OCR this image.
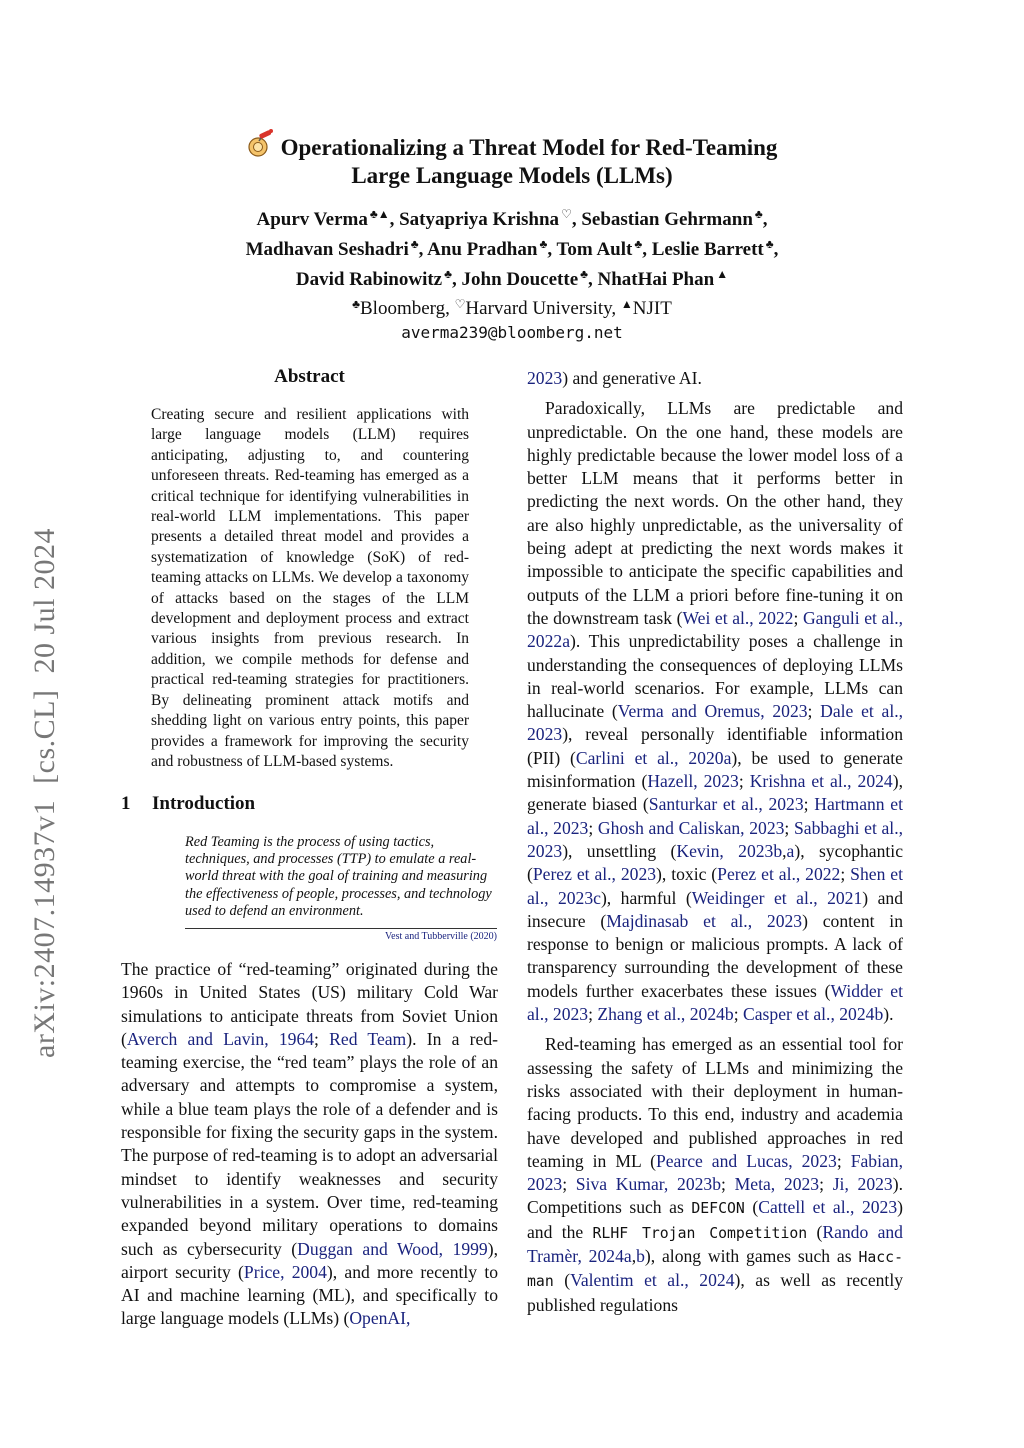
arXiv:2407.14937v1  [cs.CL]  20 Jul 2024
Operationalizing a Threat Model for Red-Teaming
Large Language Models (LLMs)
Apurv Verma ♣▲, Satyapriya Krishna ♡, Sebastian Gehrmann ♣,
Madhavan Seshadri ♣, Anu Pradhan ♣, Tom Ault ♣, Leslie Barrett ♣,
David Rabinowitz ♣, John Doucette ♣, NhatHai Phan ▲
♣Bloomberg, ♡Harvard University, ▲NJIT
averma239@bloomberg.net
Abstract

Creating secure and resilient applications with large language models (LLM) requires anticipating, adjusting to, and countering unforeseen threats. Red-teaming has emerged as a critical technique for identifying vulnerabilities in real-world LLM implementations. This paper presents a detailed threat model and provides a systematization of knowledge (SoK) of red-teaming attacks on LLMs. We develop a taxonomy of attacks based on the stages of the LLM development and deployment process and extract various insights from previous research. In addition, we compile methods for defense and practical red-teaming strategies for practitioners. By delineating prominent attack motifs and shedding light on various entry points, this paper provides a framework for improving the security and robustness of LLM-based systems.

1 Introduction

Red Teaming is the process of using tactics, techniques, and processes (TTP) to emulate a real-world threat with the goal of training and measuring the effectiveness of people, processes, and technology used to defend an environment.

Vest and Tubberville (2020)

The practice of “red-teaming” originated during the 1960s in United States (US) military Cold War simulations to anticipate threats from Soviet Union (Averch and Lavin, 1964; Red Team). In a red-teaming exercise, the “red team” plays the role of an adversary and attempts to compromise a system, while a blue team plays the role of a defender and is responsible for fixing the security gaps in the system. The purpose of red-teaming is to adopt an adversarial mindset to identify weaknesses and security vulnerabilities in a system. Over time, red-teaming expanded beyond military operations to domains such as cybersecurity (Duggan and Wood, 1999), airport security (Price, 2004), and more recently to AI and machine learning (ML), and specifically to large language models (LLMs) (OpenAI,

2023) and generative AI.

Paradoxically, LLMs are predictable and unpredictable. On the one hand, these models are highly predictable because the lower model loss of a better LLM means that it performs better in predicting the next words. On the other hand, they are also highly unpredictable, as the universality of being adept at predicting the next words makes it impossible to anticipate the specific capabilities and outputs of the LLM a priori before fine-tuning it on the downstream task (Wei et al., 2022; Ganguli et al., 2022a). This unpredictability poses a challenge in understanding the consequences of deploying LLMs in real-world scenarios. For example, LLMs can hallucinate (Verma and Oremus, 2023; Dale et al., 2023), reveal personally identifiable information (PII) (Carlini et al., 2020a), be used to generate misinformation (Hazell, 2023; Krishna et al., 2024), generate biased (Santurkar et al., 2023; Hartmann et al., 2023; Ghosh and Caliskan, 2023; Sabbaghi et al., 2023), unsettling (Kevin, 2023b,a), sycophantic (Perez et al., 2023), toxic (Perez et al., 2022; Shen et al., 2023c), harmful (Weidinger et al., 2021) and insecure (Majdinasab et al., 2023) content in response to benign or malicious prompts. A lack of transparency surrounding the development of these models further exacerbates these issues (Widder et al., 2023; Zhang et al., 2024b; Casper et al., 2024b).

Red-teaming has emerged as an essential tool for assessing the safety of LLMs and minimizing the risks associated with their deployment in human-facing products. To this end, industry and academia have developed and published approaches in red teaming in ML (Pearce and Lucas, 2023; Fabian, 2023; Siva Kumar, 2023b; Meta, 2023; Ji, 2023). Competitions such as DEFCON (Cattell et al., 2023) and the RLHF Trojan Competition (Rando and Tramèr, 2024a,b), along with games such as Hacc-man (Valentim et al., 2024), as well as recently published regulations
